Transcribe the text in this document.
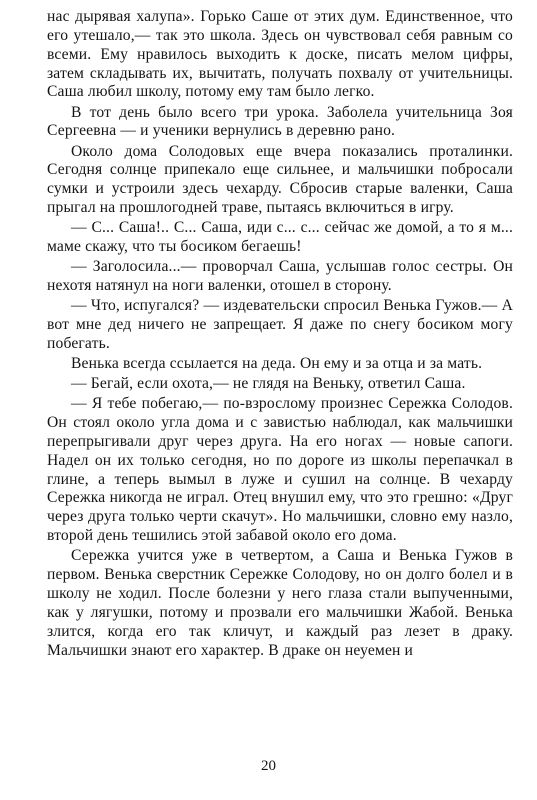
нас дырявая халупа». Горько Саше от этих дум. Единственное, что его утешало,— так это школа. Здесь он чувствовал себя равным со всеми. Ему нравилось выходить к доске, писать мелом цифры, затем складывать их, вычитать, получать похвалу от учительницы. Саша любил школу, потому ему там было легко.

В тот день было всего три урока. Заболела учительница Зоя Сергеевна — и ученики вернулись в деревню рано.

Около дома Солодовых еще вчера показались проталинки. Сегодня солнце припекало еще сильнее, и мальчишки побросали сумки и устроили здесь чехарду. Сбросив старые валенки, Саша прыгал на прошлогодней траве, пытаясь включиться в игру.

— С... Саша!.. С... Саша, иди с... с... сейчас же домой, а то я м... маме скажу, что ты босиком бегаешь!

— Заголосила...— проворчал Саша, услышав голос сестры. Он нехотя натянул на ноги валенки, отошел в сторону.

— Что, испугался? — издевательски спросил Венька Гужов.— А вот мне дед ничего не запрещает. Я даже по снегу босиком могу побегать.

Венька всегда ссылается на деда. Он ему и за отца и за мать.

— Бегай, если охота,— не глядя на Веньку, ответил Саша.

— Я тебе побегаю,— по-взрослому произнес Сережка Солодов. Он стоял около угла дома и с завистью наблюдал, как мальчишки перепрыгивали друг через друга. На его ногах — новые сапоги. Надел он их только сегодня, но по дороге из школы перепачкал в глине, а теперь вымыл в луже и сушил на солнце. В чехарду Сережка никогда не играл. Отец внушил ему, что это грешно: «Друг через друга только черти скачут». Но мальчишки, словно ему назло, второй день тешились этой забавой около его дома.

Сережка учится уже в четвертом, а Саша и Венька Гужов в первом. Венька сверстник Сережке Солодову, но он долго болел и в школу не ходил. После болезни у него глаза стали выпученными, как у лягушки, потому и прозвали его мальчишки Жабой. Венька злится, когда его так кличут, и каждый раз лезет в драку. Мальчишки знают его характер. В драке он неуемен и

20
